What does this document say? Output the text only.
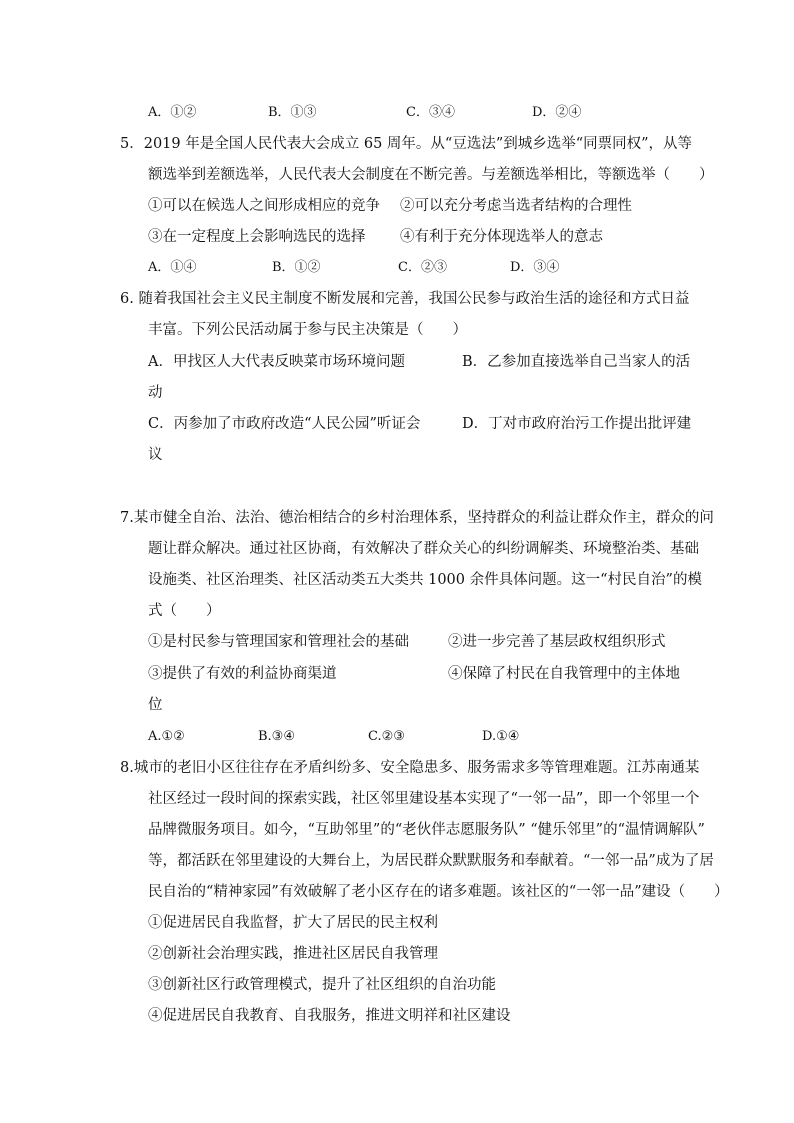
A．①②	B．①③	C．③④	D．②④
5．2019 年是全国人民代表大会成立 65 周年。从“豆选法”到城乡选举“同票同权”，从等
额选举到差额选举，人民代表大会制度在不断完善。与差额选举相比，等额选举（　　）
①可以在候选人之间形成相应的竞争 ②可以充分考虑当选者结构的合理性
③在一定程度上会影响选民的选择 ④有利于充分体现选举人的意志
A．①④	B．①②	C．②③	D．③④
6. 随着我国社会主义民主制度不断发展和完善，我国公民参与政治生活的途径和方式日益
丰富。下列公民活动属于参与民主决策是（　　）
A．甲找区人大代表反映菜市场环境问题	B．乙参加直接选举自己当家人的活
动
C．丙参加了市政府改造“人民公园”听证会	D．丁对市政府治污工作提出批评建
议
7.某市健全自治、法治、德治相结合的乡村治理体系，坚持群众的利益让群众作主，群众的问
题让群众解决。通过社区协商，有效解决了群众关心的纠纷调解类、环境整治类、基础
设施类、社区治理类、社区活动类五大类共 1000 余件具体问题。这一“村民自治”的模
式（　　）
①是村民参与管理国家和管理社会的基础	②进一步完善了基层政权组织形式
③提供了有效的利益协商渠道	④保障了村民在自我管理中的主体地
位
A.①②	B.③④	C.②③	D.①④
8.城市的老旧小区往往存在矛盾纠纷多、安全隐患多、服务需求多等管理难题。江苏南通某
社区经过一段时间的探索实践，社区邻里建设基本实现了“一邻一品”，即一个邻里一个
品牌微服务项目。如今，“互助邻里”的“老伙伴志愿服务队” “健乐邻里”的“温情调解队”
等，都活跃在邻里建设的大舞台上，为居民群众默默服务和奉献着。“一邻一品”成为了居
民自治的“精神家园”有效破解了老小区存在的诸多难题。该社区的“一邻一品”建设（　　）
①促进居民自我监督，扩大了居民的民主权利
②创新社会治理实践，推进社区居民自我管理
③创新社区行政管理模式，提升了社区组织的自治功能
④促进居民自我教育、自我服务，推进文明祥和社区建设
